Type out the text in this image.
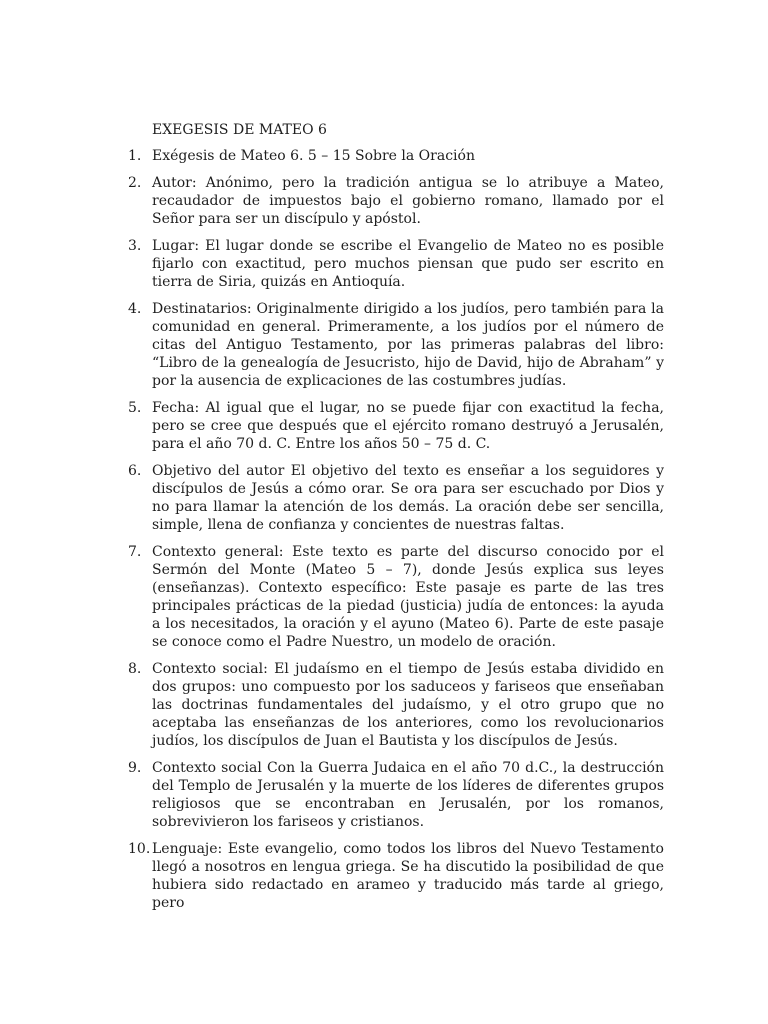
EXEGESIS DE MATEO 6
1. Exégesis de Mateo 6. 5 – 15 Sobre la Oración
2. Autor: Anónimo, pero la tradición antigua se lo atribuye a Mateo, recaudador de impuestos bajo el gobierno romano, llamado por el Señor para ser un discípulo y apóstol.
3. Lugar: El lugar donde se escribe el Evangelio de Mateo no es posible fijarlo con exactitud, pero muchos piensan que pudo ser escrito en tierra de Siria, quizás en Antioquía.
4. Destinatarios: Originalmente dirigido a los judíos, pero también para la comunidad en general. Primeramente, a los judíos por el número de citas del Antiguo Testamento, por las primeras palabras del libro: “Libro de la genealogía de Jesucristo, hijo de David, hijo de Abraham” y por la ausencia de explicaciones de las costumbres judías.
5. Fecha: Al igual que el lugar, no se puede fijar con exactitud la fecha, pero se cree que después que el ejército romano destruyó a Jerusalén, para el año 70 d. C. Entre los años 50 – 75 d. C.
6. Objetivo del autor El objetivo del texto es enseñar a los seguidores y discípulos de Jesús a cómo orar. Se ora para ser escuchado por Dios y no para llamar la atención de los demás. La oración debe ser sencilla, simple, llena de confianza y concientes de nuestras faltas.
7. Contexto general: Este texto es parte del discurso conocido por el Sermón del Monte (Mateo 5 – 7), donde Jesús explica sus leyes (enseñanzas). Contexto específico: Este pasaje es parte de las tres principales prácticas de la piedad (justicia) judía de entonces: la ayuda a los necesitados, la oración y el ayuno (Mateo 6). Parte de este pasaje se conoce como el Padre Nuestro, un modelo de oración.
8. Contexto social: El judaísmo en el tiempo de Jesús estaba dividido en dos grupos: uno compuesto por los saduceos y fariseos que enseñaban las doctrinas fundamentales del judaísmo, y el otro grupo que no aceptaba las enseñanzas de los anteriores, como los revolucionarios judíos, los discípulos de Juan el Bautista y los discípulos de Jesús.
9. Contexto social Con la Guerra Judaica en el año 70 d.C., la destrucción del Templo de Jerusalén y la muerte de los líderes de diferentes grupos religiosos que se encontraban en Jerusalén, por los romanos, sobrevivieron los fariseos y cristianos.
10. Lenguaje: Este evangelio, como todos los libros del Nuevo Testamento llegó a nosotros en lengua griega. Se ha discutido la posibilidad de que hubiera sido redactado en arameo y traducido más tarde al griego, pero
